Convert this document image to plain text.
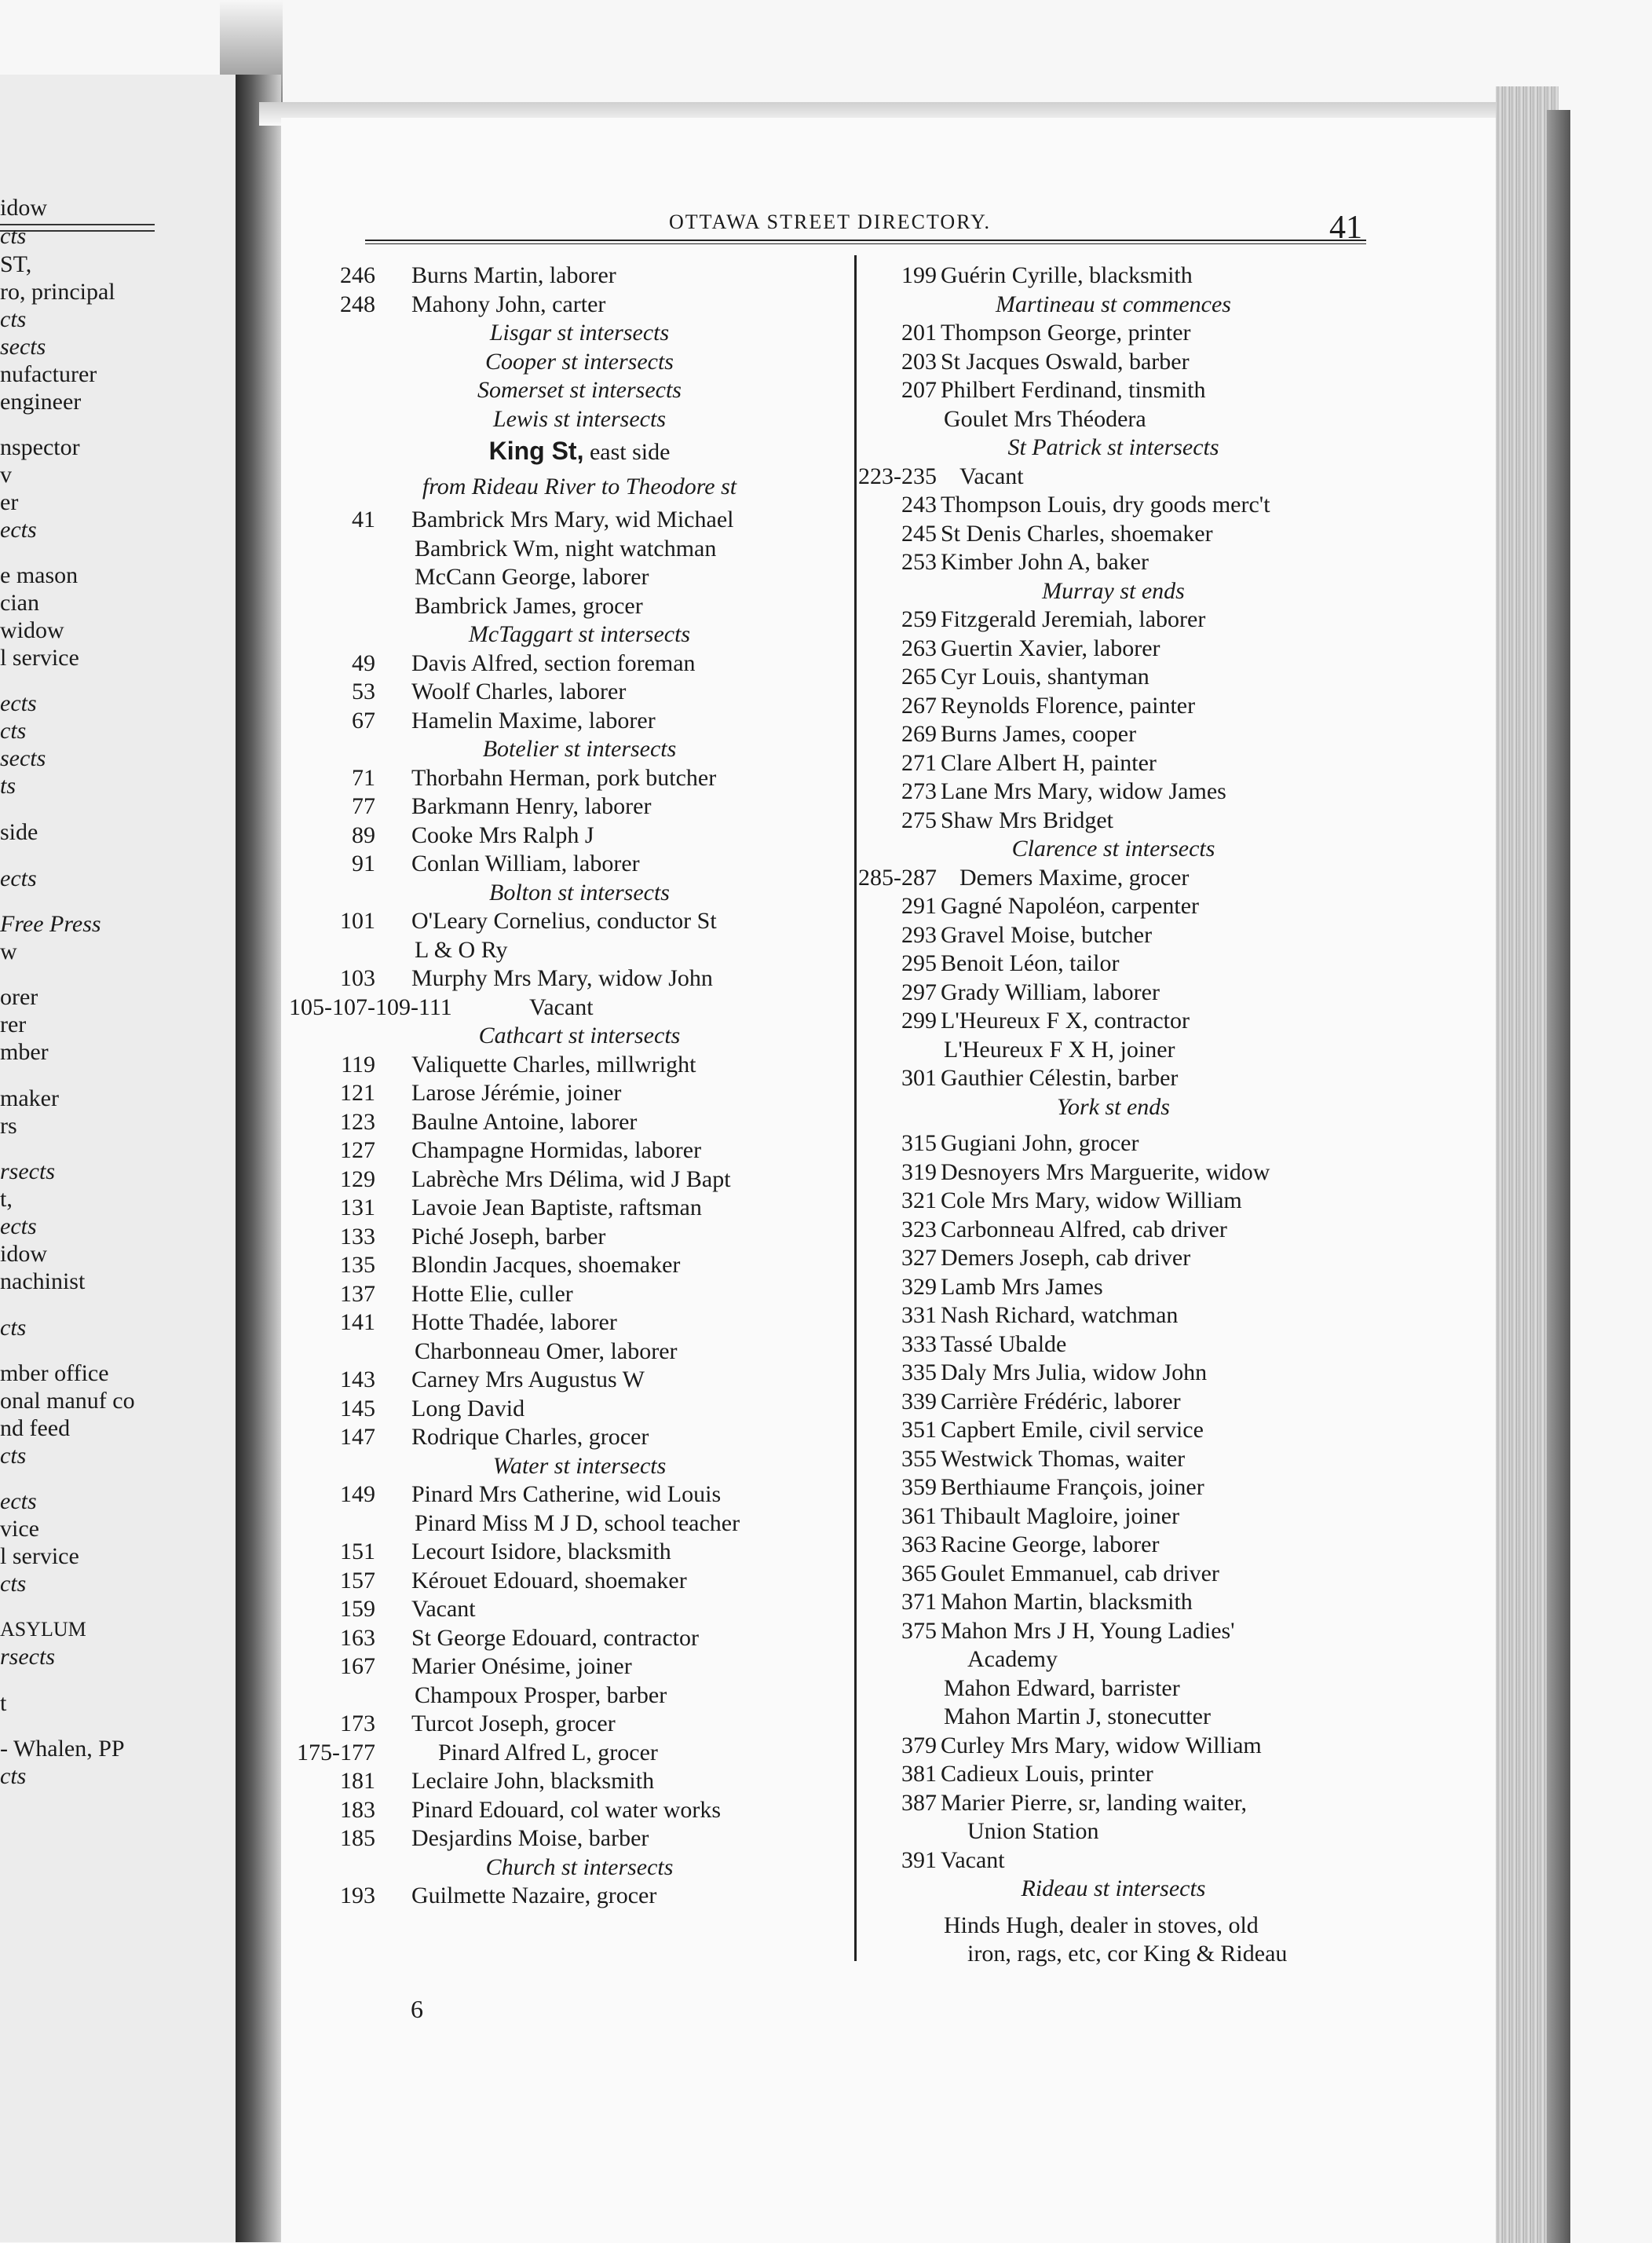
idow
cts
ST,
ro, principal
cts
sects
nufacturer
engineer
nspector
v
er
ects
e mason
cian
widow
l service
ects
cts
sects
ts
side
ects
Free Press
w
orer
rer
mber
maker
rs
rsects
t,
ects
idow
nachinist
cts
mber office
onal manuf co
nd feed
cts
ects
vice
l service
cts
ASYLUM
rsects
t
- Whalen, PP
cts
OTTAWA STREET DIRECTORY.	41
246 Burns Martin, laborer
248 Mahony John, carter
Lisgar st intersects
Cooper st intersects
Somerset st intersects
Lewis st intersects
King St, east side
from Rideau River to Theodore st
41 Bambrick Mrs Mary, wid Michael
Bambrick Wm, night watchman
McCann George, laborer
Bambrick James, grocer
McTaggart st intersects
49 Davis Alfred, section foreman
53 Woolf Charles, laborer
67 Hamelin Maxime, laborer
Botelier st intersects
71 Thorbahn Herman, pork butcher
77 Barkmann Henry, laborer
89 Cooke Mrs Ralph J
91 Conlan William, laborer
Bolton st intersects
101 O'Leary Cornelius, conductor St
L & O Ry
103 Murphy Mrs Mary, widow John
105-107-109-111	Vacant
Cathcart st intersects
119 Valiquette Charles, millwright
121 Larose Jérémie, joiner
123 Baulne Antoine, laborer
127 Champagne Hormidas, laborer
129 Labrèche Mrs Délima, wid J Bapt
131 Lavoie Jean Baptiste, raftsman
133 Piché Joseph, barber
135 Blondin Jacques, shoemaker
137 Hotte Elie, culler
141 Hotte Thadée, laborer
Charbonneau Omer, laborer
143 Carney Mrs Augustus W
145 Long David
147 Rodrique Charles, grocer
Water st intersects
149 Pinard Mrs Catherine, wid Louis
Pinard Miss M J D, school teacher
151 Lecourt Isidore, blacksmith
157 Kérouet Edouard, shoemaker
159 Vacant
163 St George Edouard, contractor
167 Marier Onésime, joiner
Champoux Prosper, barber
173 Turcot Joseph, grocer
175-177	Pinard Alfred L, grocer
181 Leclaire John, blacksmith
183 Pinard Edouard, col water works
185 Desjardins Moise, barber
Church st intersects
193 Guilmette Nazaire, grocer
199 Guérin Cyrille, blacksmith
Martineau st commences
201 Thompson George, printer
203 St Jacques Oswald, barber
207 Philbert Ferdinand, tinsmith
Goulet Mrs Théodera
St Patrick st intersects
223-235 Vacant
243 Thompson Louis, dry goods merc't
245 St Denis Charles, shoemaker
253 Kimber John A, baker
Murray st ends
259 Fitzgerald Jeremiah, laborer
263 Guertin Xavier, laborer
265 Cyr Louis, shantyman
267 Reynolds Florence, painter
269 Burns James, cooper
271 Clare Albert H, painter
273 Lane Mrs Mary, widow James
275 Shaw Mrs Bridget
Clarence st intersects
285-287 Demers Maxime, grocer
291 Gagné Napoléon, carpenter
293 Gravel Moise, butcher
295 Benoit Léon, tailor
297 Grady William, laborer
299 L'Heureux F X, contractor
L'Heureux F X H, joiner
301 Gauthier Célestin, barber
York st ends
315 Gugiani John, grocer
319 Desnoyers Mrs Marguerite, widow
321 Cole Mrs Mary, widow William
323 Carbonneau Alfred, cab driver
327 Demers Joseph, cab driver
329 Lamb Mrs James
331 Nash Richard, watchman
333 Tassé Ubalde
335 Daly Mrs Julia, widow John
339 Carrière Frédéric, laborer
351 Capbert Emile, civil service
355 Westwick Thomas, waiter
359 Berthiaume François, joiner
361 Thibault Magloire, joiner
363 Racine George, laborer
365 Goulet Emmanuel, cab driver
371 Mahon Martin, blacksmith
375 Mahon Mrs J H, Young Ladies'
Academy
Mahon Edward, barrister
Mahon Martin J, stonecutter
379 Curley Mrs Mary, widow William
381 Cadieux Louis, printer
387 Marier Pierre, sr, landing waiter,
Union Station
391 Vacant
Rideau st intersects
Hinds Hugh, dealer in stoves, old
iron, rags, etc, cor King & Rideau
6
